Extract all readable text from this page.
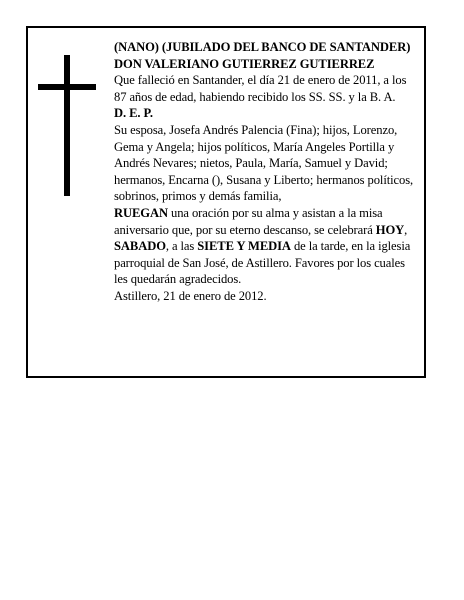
(NANO) (JUBILADO DEL BANCO DE SANTANDER)

DON VALERIANO GUTIERREZ GUTIERREZ

Que falleció en Santander, el día 21 de enero de 2011, a los 87 años de edad, habiendo recibido los SS. SS. y la B. A.

D. E. P.

Su esposa, Josefa Andrés Palencia (Fina); hijos, Lorenzo, Gema y Angela; hijos políticos, María Angeles Portilla y Andrés Nevares; nietos, Paula, María, Samuel y David; hermanos, Encarna (), Susana y Liberto; hermanos políticos, sobrinos, primos y demás familia,

RUEGAN una oración por su alma y asistan a la misa aniversario que, por su eterno descanso, se celebrará HOY, SABADO, a las SIETE Y MEDIA de la tarde, en la iglesia parroquial de San José, de Astillero. Favores por los cuales les quedarán agradecidos.

Astillero, 21 de enero de 2012.
